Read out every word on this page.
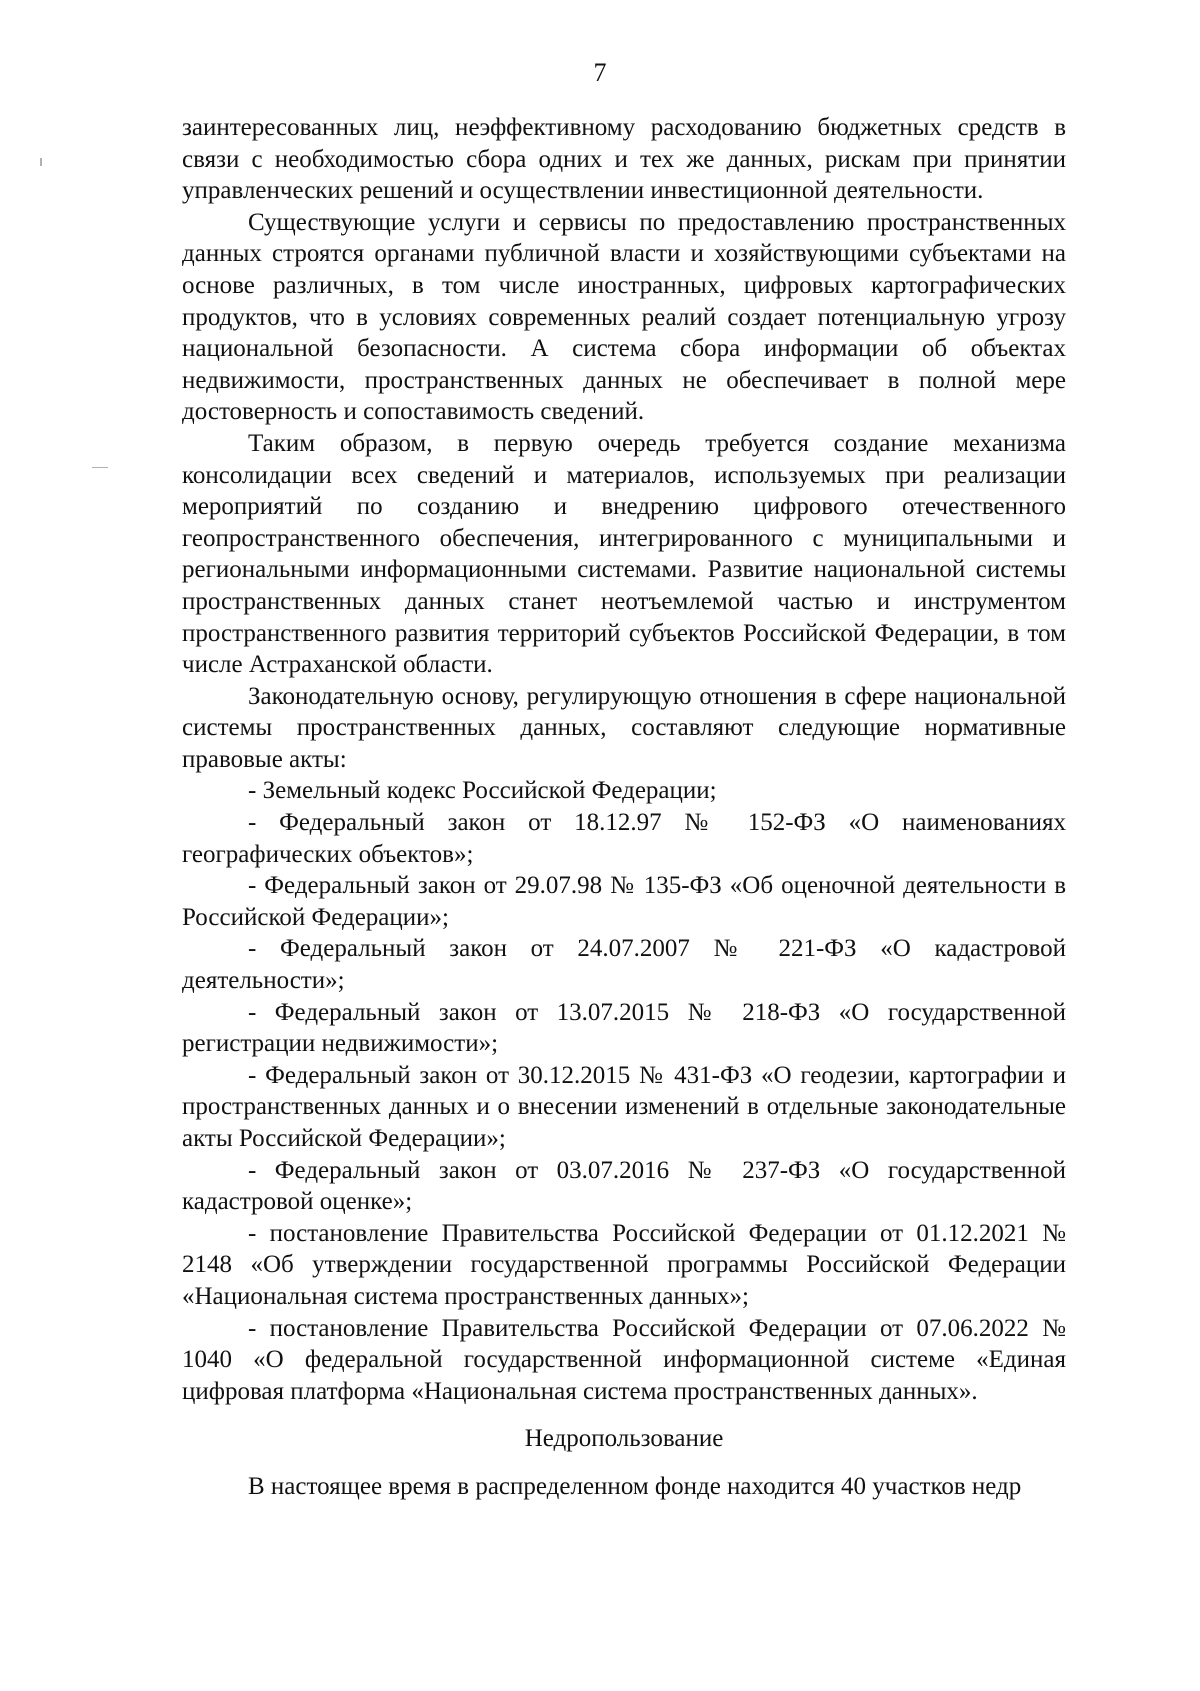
7

заинтересованных лиц, неэффективному расходованию бюджетных средств в связи с необходимостью сбора одних и тех же данных, рискам при принятии управленческих решений и осуществлении инвестиционной деятельности.

Существующие услуги и сервисы по предоставлению пространственных данных строятся органами публичной власти и хозяйствующими субъектами на основе различных, в том числе иностранных, цифровых картографических продуктов, что в условиях современных реалий создает потенциальную угрозу национальной безопасности. А система сбора информации об объектах недвижимости, пространственных данных не обеспечивает в полной мере достоверность и сопоставимость сведений.

Таким образом, в первую очередь требуется создание механизма консолидации всех сведений и материалов, используемых при реализации мероприятий по созданию и внедрению цифрового отечественного геопространственного обеспечения, интегрированного с муниципальными и региональными информационными системами. Развитие национальной системы пространственных данных станет неотъемлемой частью и инструментом пространственного развития территорий субъектов Российской Федерации, в том числе Астраханской области.

Законодательную основу, регулирующую отношения в сфере национальной системы пространственных данных, составляют следующие нормативные правовые акты:

- Земельный кодекс Российской Федерации;

- Федеральный закон от 18.12.97 № 152-ФЗ «О наименованиях географических объектов»;

- Федеральный закон от 29.07.98 № 135-ФЗ «Об оценочной деятельности в Российской Федерации»;

- Федеральный закон от 24.07.2007 № 221-ФЗ «О кадастровой деятельности»;

- Федеральный закон от 13.07.2015 № 218-ФЗ «О государственной регистрации недвижимости»;

- Федеральный закон от 30.12.2015 № 431-ФЗ «О геодезии, картографии и пространственных данных и о внесении изменений в отдельные законодательные акты Российской Федерации»;

- Федеральный закон от 03.07.2016 № 237-ФЗ «О государственной кадастровой оценке»;

- постановление Правительства Российской Федерации от 01.12.2021 № 2148 «Об утверждении государственной программы Российской Федерации «Национальная система пространственных данных»;

- постановление Правительства Российской Федерации от 07.06.2022 № 1040 «О федеральной государственной информационной системе «Единая цифровая платформа «Национальная система пространственных данных».

Недропользование

В настоящее время в распределенном фонде находится 40 участков недр
